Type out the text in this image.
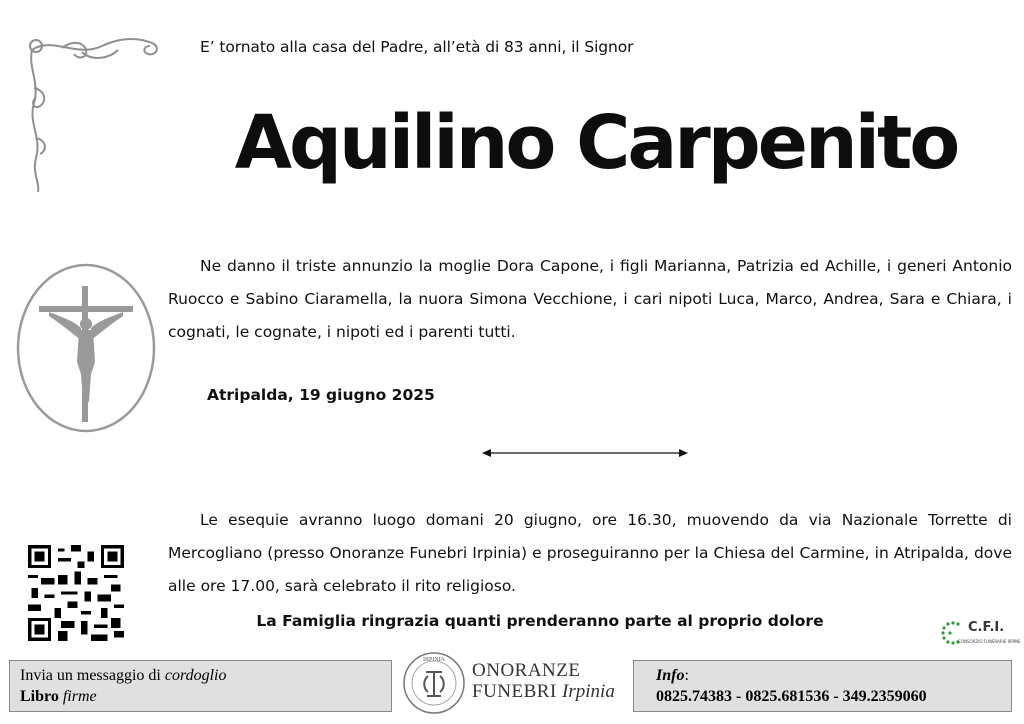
E’ tornato alla casa del Padre, all’età di 83 anni, il Signor
Aquilino Carpenito
Ne danno il triste annunzio la moglie Dora Capone, i figli Marianna, Patrizia ed Achille, i generi Antonio Ruocco e Sabino Ciaramella, la nuora Simona Vecchione, i cari nipoti Luca, Marco, Andrea, Sara e Chiara, i cognati, le cognate, i nipoti ed i parenti tutti.
Atripalda, 19 giugno 2025
Le esequie avranno luogo domani 20 giugno, ore 16.30, muovendo da via Nazionale Torrette di Mercogliano (presso Onoranze Funebri Irpinia) e proseguiranno per la Chiesa del Carmine, in Atripalda, dove alle ore 17.00, sarà celebrato il rito religioso.
La Famiglia ringrazia quanti prenderanno parte al proprio dolore	C.F.I.
CONSORZIO FUNERARIE IRPINE
Invia un messaggio di cordoglio
Libro firme
IRPINIA ONORANZE
FUNEBRI Irpinia
Info:
0825.74383 - 0825.681536 - 349.2359060
